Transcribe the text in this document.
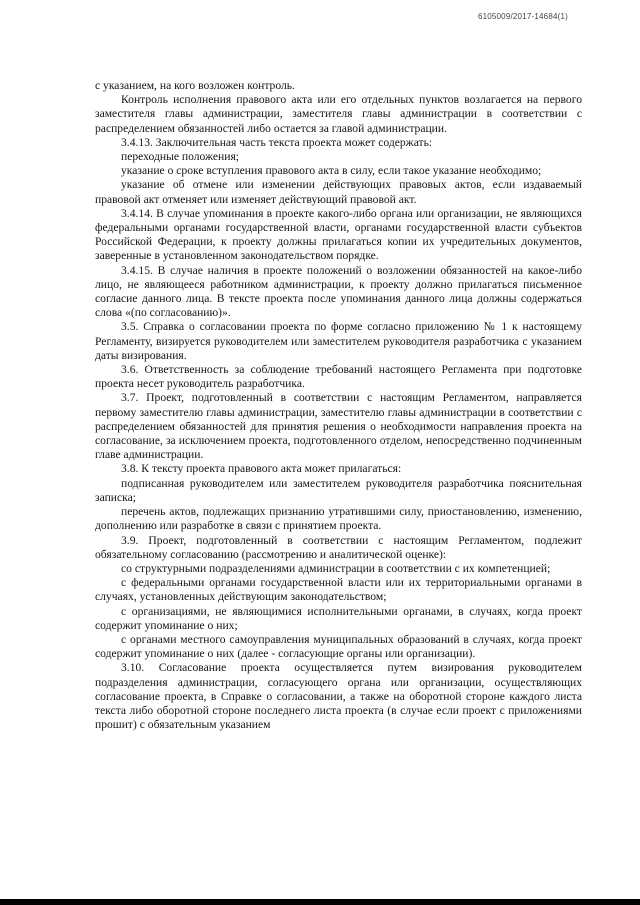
6105009/2017-14684(1)

с указанием, на кого возложен контроль.

Контроль исполнения правового акта или его отдельных пунктов возлагается на первого заместителя главы администрации, заместителя главы администрации в соответствии с распределением обязанностей либо остается за главой администрации.

3.4.13. Заключительная часть текста проекта может содержать:

переходные положения;

указание о сроке вступления правового акта в силу, если такое указание необходимо;

указание об отмене или изменении действующих правовых актов, если издаваемый правовой акт отменяет или изменяет действующий правовой акт.

3.4.14. В случае упоминания в проекте какого-либо органа или организации, не являющихся федеральными органами государственной власти, органами государственной власти субъектов Российской Федерации, к проекту должны прилагаться копии их учредительных документов, заверенные в установленном законодательством порядке.

3.4.15. В случае наличия в проекте положений о возложении обязанностей на какое-либо лицо, не являющееся работником администрации, к проекту должно прилагаться письменное согласие данного лица. В тексте проекта после упоминания данного лица должны содержаться слова «(по согласованию)».

3.5. Справка о согласовании проекта по форме согласно приложению № 1 к настоящему Регламенту, визируется руководителем или заместителем руководителя разработчика с указанием даты визирования.

3.6. Ответственность за соблюдение требований настоящего Регламента при подготовке проекта несет руководитель разработчика.

3.7. Проект, подготовленный в соответствии с настоящим Регламентом, направляется первому заместителю главы администрации, заместителю главы администрации в соответствии с распределением обязанностей для принятия решения о необходимости направления проекта на согласование, за исключением проекта, подготовленного отделом, непосредственно подчиненным главе администрации.

3.8. К тексту проекта правового акта может прилагаться:

подписанная руководителем или заместителем руководителя разработчика пояснительная записка;

перечень актов, подлежащих признанию утратившими силу, приостановлению, изменению, дополнению или разработке в связи с принятием проекта.

3.9. Проект, подготовленный в соответствии с настоящим Регламентом, подлежит обязательному согласованию (рассмотрению и аналитической оценке):

со структурными подразделениями администрации в соответствии с их компетенцией;

с федеральными органами государственной власти или их территориальными органами в случаях, установленных действующим законодательством;

с организациями, не являющимися исполнительными органами, в случаях, когда проект содержит упоминание о них;

с органами местного самоуправления муниципальных образований в случаях, когда проект содержит упоминание о них (далее - согласующие органы или организации).

3.10. Согласование проекта осуществляется путем визирования руководителем подразделения администрации, согласующего органа или организации, осуществляющих согласование проекта, в Справке о согласовании, а также на оборотной стороне каждого листа текста либо оборотной стороне последнего листа проекта (в случае если проект с приложениями прошит) с обязательным указанием
